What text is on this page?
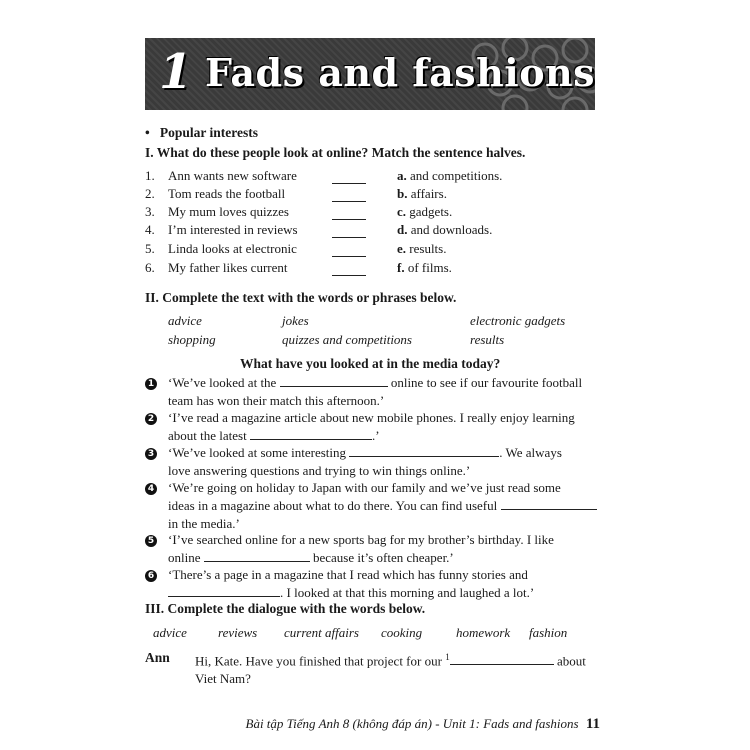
1 Fads and fashions
• Popular interests
I. What do these people look at online? Match the sentence halves.
1. Ann wants new software	a. and competitions.
2. Tom reads the football	b. affairs.
3. My mum loves quizzes	c. gadgets.
4. I’m interested in reviews	d. and downloads.
5. Linda looks at electronic	e. results.
6. My father likes current	f. of films.
II. Complete the text with the words or phrases below.
advice	jokes	electronic gadgets
shopping	quizzes and competitions	results
What have you looked at in the media today?
1 ‘We’ve looked at the	online to see if our favourite football
team has won their match this afternoon.’
2 ‘I’ve read a magazine article about new mobile phones. I really enjoy learning
about the latest	.’
3 ‘We’ve looked at some interesting	. We always
love answering questions and trying to win things online.’
4 ‘We’re going on holiday to Japan with our family and we’ve just read some
ideas in a magazine about what to do there. You can find useful
in the media.’
5 ‘I’ve searched online for a new sports bag for my brother’s birthday. I like
online	because it’s often cheaper.’
6 ‘There’s a page in a magazine that I read which has funny stories and
. I looked at that this morning and laughed a lot.’
III. Complete the dialogue with the words below.
advice reviews current affairs cooking	homework fashion
Ann Hi, Kate. Have you finished that project for our $^1$	about
Viet Nam?
Bài tập Tiếng Anh 8 (không đáp án) - Unit 1: Fads and fashions 11
